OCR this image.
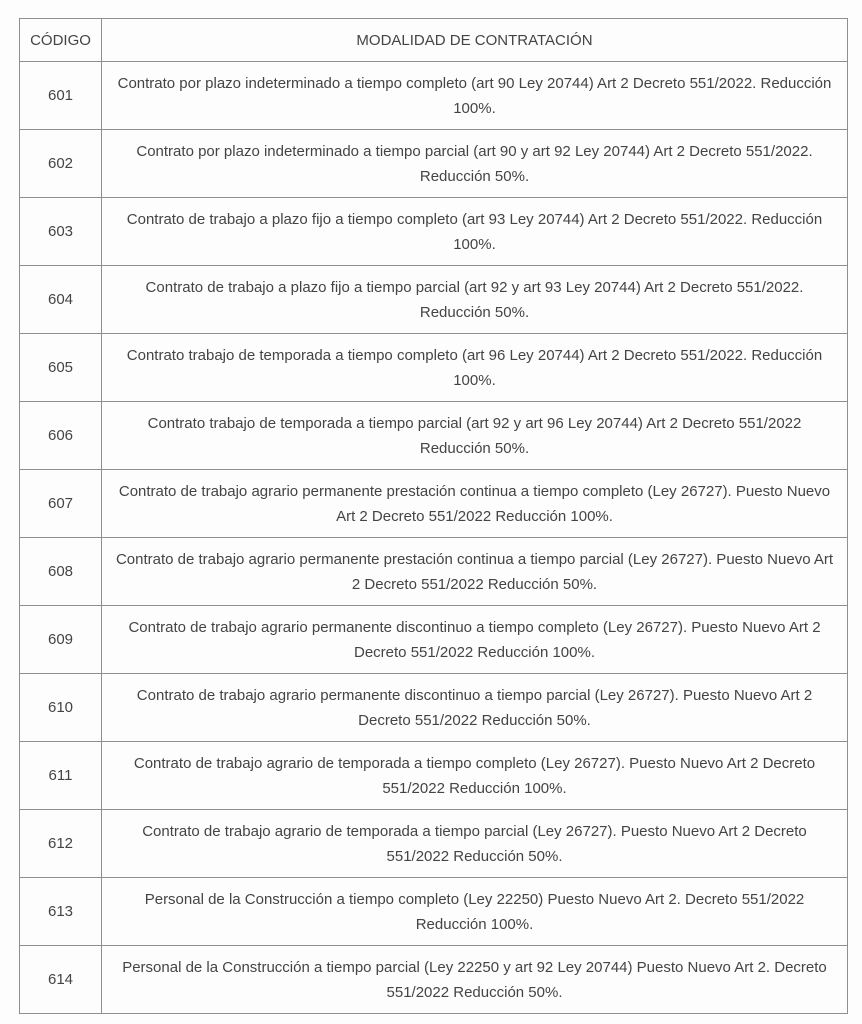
CÓDIGO	MODALIDAD DE CONTRATACIÓN
601	Contrato por plazo indeterminado a tiempo completo (art 90 Ley 20744) Art 2 Decreto 551/2022. Reducción 100%.
602	Contrato por plazo indeterminado a tiempo parcial (art 90 y art 92 Ley 20744) Art 2 Decreto 551/2022. Reducción 50%.
603	Contrato de trabajo a plazo fijo a tiempo completo (art 93 Ley 20744) Art 2 Decreto 551/2022. Reducción 100%.
604	Contrato de trabajo a plazo fijo a tiempo parcial (art 92 y art 93 Ley 20744) Art 2 Decreto 551/2022. Reducción 50%.
605	Contrato trabajo de temporada a tiempo completo (art 96 Ley 20744) Art 2 Decreto 551/2022. Reducción 100%.
606	Contrato trabajo de temporada a tiempo parcial (art 92 y art 96 Ley 20744) Art 2 Decreto 551/2022 Reducción 50%.
607	Contrato de trabajo agrario permanente prestación continua a tiempo completo (Ley 26727). Puesto Nuevo Art 2 Decreto 551/2022 Reducción 100%.
608	Contrato de trabajo agrario permanente prestación continua a tiempo parcial (Ley 26727). Puesto Nuevo Art 2 Decreto 551/2022 Reducción 50%.
609	Contrato de trabajo agrario permanente discontinuo a tiempo completo (Ley 26727). Puesto Nuevo Art 2 Decreto 551/2022 Reducción 100%.
610	Contrato de trabajo agrario permanente discontinuo a tiempo parcial (Ley 26727). Puesto Nuevo Art 2 Decreto 551/2022 Reducción 50%.
611	Contrato de trabajo agrario de temporada a tiempo completo (Ley 26727). Puesto Nuevo Art 2 Decreto 551/2022 Reducción 100%.
612	Contrato de trabajo agrario de temporada a tiempo parcial (Ley 26727). Puesto Nuevo Art 2 Decreto 551/2022 Reducción 50%.
613	Personal de la Construcción a tiempo completo (Ley 22250) Puesto Nuevo Art 2. Decreto 551/2022 Reducción 100%.
614	Personal de la Construcción a tiempo parcial (Ley 22250 y art 92 Ley 20744) Puesto Nuevo Art 2. Decreto 551/2022 Reducción 50%.
